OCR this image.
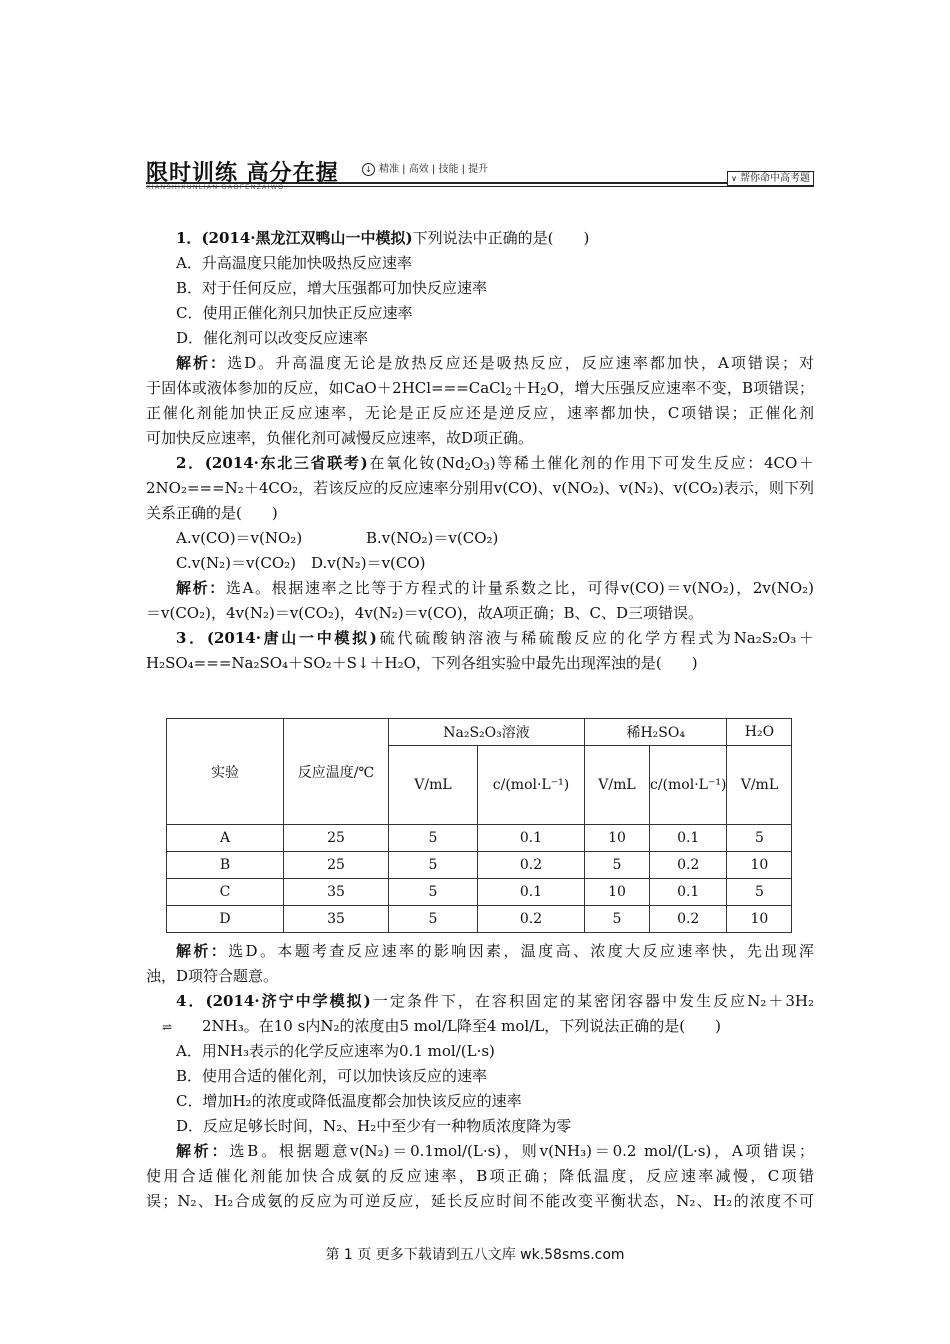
限时训练 高分在握
XIANSHIXUNLIAN GAOFENZAIWO
↓ 精准 | 高效 | 技能 | 提升
∨ 帮你命中高考题
1．(2014·黑龙江双鸭山一中模拟)下列说法中正确的是(　　)
A．升高温度只能加快吸热反应速率
B．对于任何反应，增大压强都可加快反应速率
C．使用正催化剂只加快正反应速率
D．催化剂可以改变反应速率
解析：选D。升高温度无论是放热反应还是吸热反应，反应速率都加快，A项错误；对
于固体或液体参加的反应，如$CaO+2HCl===CaCl_2+H_2O$，增大压强反应速率不变，B项错误；
正催化剂能加快正反应速率，无论是正反应还是逆反应，速率都加快，C项错误；正催化剂
可加快反应速率，负催化剂可减慢反应速率，故D项正确。
2．(2014·东北三省联考)在氧化钕$(Nd_2O_3)$等稀土催化剂的作用下可发生反应：4CO＋
2NO₂===N₂＋4CO₂，若该反应的反应速率分别用v(CO)、v(NO₂)、v(N₂)、v(CO₂)表示，则下列
关系正确的是(　　)
A.v(CO)＝v(NO₂)	B.v(NO₂)＝v(CO₂)
C.v(N₂)＝v(CO₂) D.v(N₂)＝v(CO)
解析：选A。根据速率之比等于方程式的计量系数之比，可得v(CO)＝v(NO₂)，2v(NO₂)
＝v(CO₂)，4v(N₂)＝v(CO₂)，4v(N₂)＝v(CO)，故A项正确；B、C、D三项错误。
3．(2014·唐山一中模拟)硫代硫酸钠溶液与稀硫酸反应的化学方程式为Na₂S₂O₃＋
H₂SO₄===Na₂SO₄＋SO₂＋S↓＋H₂O，下列各组实验中最先出现浑浊的是(　　)
实验	反应温度/℃	Na₂S₂O₃溶液		稀H₂SO₄		H₂O
		V/mL	c/(mol·L⁻¹)	V/mL	c/(mol·L⁻¹)	V/mL
A	25	5	0.1	10	0.1	5
B	25	5	0.2	5	0.2	10
C	35	5	0.1	10	0.1	5
D	35	5	0.2	5	0.2	10
解析：选D。本题考查反应速率的影响因素，温度高、浓度大反应速率快，先出现浑
浊，D项符合题意。
4．(2014·济宁中学模拟)一定条件下，在容积固定的某密闭容器中发生反应N₂＋3H₂
⇌ 2NH₃。在10 s内N₂的浓度由5 mol/L降至4 mol/L，下列说法正确的是(　　)
A．用NH₃表示的化学反应速率为0.1 mol/(L·s)
B．使用合适的催化剂，可以加快该反应的速率
C．增加H₂的浓度或降低温度都会加快该反应的速率
D．反应足够长时间，N₂、H₂中至少有一种物质浓度降为零
解析：选B。根据题意v(N₂)＝0.1mol/(L·s)，则v(NH₃)＝0.2 mol/(L·s)，A项错误；
使用合适催化剂能加快合成氨的反应速率，B项正确；降低温度，反应速率减慢，C项错
误；N₂、H₂合成氨的反应为可逆反应，延长反应时间不能改变平衡状态，N₂、H₂的浓度不可
第 1 页 更多下载请到五八文库 wk.58sms.com
